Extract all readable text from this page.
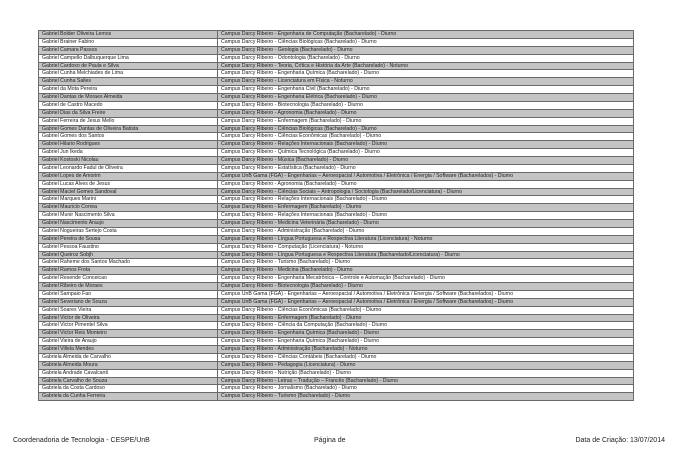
Gabriel Bolder Oliveira Lemos	Campus Darcy Ribeiro - Engenharia de Computação (Bacharelado) - Diurno
Gabriel Brainer Fabino	Campus Darcy Ribeiro - Ciências Biológicas (Bacharelado) - Diurno
Gabriel Camara Passos	Campus Darcy Ribeiro - Geologia (Bacharelado) - Diurno
Gabriel Campello Dalbuquerque Lima	Campus Darcy Ribeiro - Odontologia (Bacharelado) - Diurno
Gabriel Cardoso de Paula e Silva	Campus Darcy Ribeiro - Teoria, Crítica e História da Arte (Bacharelado) - Noturno
Gabriel Cunha Melchiades de Lima	Campus Darcy Ribeiro - Engenharia Química (Bacharelado) - Diurno
Gabriel Cunha Salles	Campus Darcy Ribeiro - Licenciatura em Física - Noturno
Gabriel da Mota Pereira	Campus Darcy Ribeiro - Engenharia Civil (Bacharelado) - Diurno
Gabriel Dantas de Moraes Almeida	Campus Darcy Ribeiro - Engenharia Elétrica (Bacharelado) - Diurno
Gabriel de Castro Macedo	Campus Darcy Ribeiro - Biotecnologia (Bacharelado) - Diurno
Gabriel Dias da Silva Freire	Campus Darcy Ribeiro - Agronomia (Bacharelado) - Diurno
Gabriel Ferreira de Jesus Mello	Campus Darcy Ribeiro - Enfermagem (Bacharelado) - Diurno
Gabriel Gomes Dantas de Oliveira Batista	Campus Darcy Ribeiro - Ciências Biológicas (Bacharelado) - Diurno
Gabriel Gomes dos Santos	Campus Darcy Ribeiro - Ciências Econômicas (Bacharelado) - Diurno
Gabriel Hilario Rodrigues	Campus Darcy Ribeiro - Relações Internacionais (Bacharelado) - Diurno
Gabriel Jun Ikeda	Campus Darcy Ribeiro - Química Tecnológica (Bacharelado) - Diurno
Gabriel Kostoski Nicolau	Campus Darcy Ribeiro - Música (Bacharelado) - Diurno
Gabriel Leonardo Fadul de Oliveira	Campus Darcy Ribeiro - Estatística (Bacharelado) - Diurno
Gabriel Lopes de Amorim	Campus UnB Gama (FGA) - Engenharias – Aeroespacial / Automotiva / Eletrônica / Energia / Software (Bacharelados) - Diurno
Gabriel Lucas Alves de Jesus	Campus Darcy Ribeiro - Agronomia (Bacharelado) - Diurno
Gabriel Maciel Gomes Sandoval	Campus Darcy Ribeiro - Ciências Sociais – Antropologia / Sociologia (Bacharelado/Licenciatura) - Diurno
Gabriel Marques Marini	Campus Darcy Ribeiro - Relações Internacionais (Bacharelado) - Diurno
Gabriel Mauricio Correa	Campus Darcy Ribeiro - Enfermagem (Bacharelado) - Diurno
Gabriel Munir Nascimento Silva	Campus Darcy Ribeiro - Relações Internacionais (Bacharelado) - Diurno
Gabriel Nascimento Araujo	Campus Darcy Ribeiro - Medicina Veterinária (Bacharelado) - Diurno
Gabriel Nogueiras Sertejo Costa	Campus Darcy Ribeiro - Administração (Bacharelado) - Diurno
Gabriel Pereira de Sousa	Campus Darcy Ribeiro - Língua Portuguesa e Respectiva Literatura (Licenciatura) - Noturno
Gabriel Pessoa Faustino	Campus Darcy Ribeiro - Computação (Licenciatura) - Noturno
Gabriel Queiroz Sobjh	Campus Darcy Ribeiro - Língua Portuguesa e Respectiva Literatura (Bacharelado/Licenciatura) - Diurno
Gabriel Raheme dos Santos Machado	Campus Darcy Ribeiro - Turismo (Bacharelado) - Diurno
Gabriel Ramos Frota	Campus Darcy Ribeiro - Medicina (Bacharelado) - Diurno
Gabriel Resende Conceicao	Campus Darcy Ribeiro - Engenharia Mecatrônica – Controle e Automação (Bacharelado) - Diurno
Gabriel Ribeiro de Moraes	Campus Darcy Ribeiro - Biotecnologia (Bacharelado) - Diurno
Gabriel Sampaio Fao	Campus UnB Gama (FGA) - Engenharias – Aeroespacial / Automotiva / Eletrônica / Energia / Software (Bacharelados) - Diurno
Gabriel Severiano de Souza	Campus UnB Gama (FGA) - Engenharias – Aeroespacial / Automotiva / Eletrônica / Energia / Software (Bacharelados) - Diurno
Gabriel Soares Vieira	Campus Darcy Ribeiro - Ciências Econômicas (Bacharelado) - Diurno
Gabriel Victor de Oliveira	Campus Darcy Ribeiro - Enfermagem (Bacharelado) - Diurno
Gabriel Victor Pimentel Silva	Campus Darcy Ribeiro - Ciência da Computação (Bacharelado) - Diurno
Gabriel Victor Reis Monteiro	Campus Darcy Ribeiro - Engenharia Química (Bacharelado) - Diurno
Gabriel Vieira de Araujo	Campus Darcy Ribeiro - Engenharia Química (Bacharelado) - Diurno
Gabriel Villela Mendes	Campus Darcy Ribeiro - Administração (Bacharelado) - Noturno
Gabriela Almeida de Carvalho	Campus Darcy Ribeiro - Ciências Contábeis (Bacharelado) - Diurno
Gabriela Almeida Moura	Campus Darcy Ribeiro - Pedagogia (Licenciatura) - Diurno
Gabriela Andrade Cavalcanti	Campus Darcy Ribeiro - Nutrição (Bacharelado) - Diurno
Gabriela Carvalho de Souza	Campus Darcy Ribeiro - Letras – Tradução – Francês (Bacharelado) - Diurno
Gabriela da Costa Cardoso	Campus Darcy Ribeiro - Jornalismo (Bacharelado) - Diurno
Gabriela da Cunha Ferreira	Campus Darcy Ribeiro - Turismo (Bacharelado) - Diurno
Coordenadoria de Tecnologia - CESPE/UnB	Página de	Data de Criação: 13/07/2014
